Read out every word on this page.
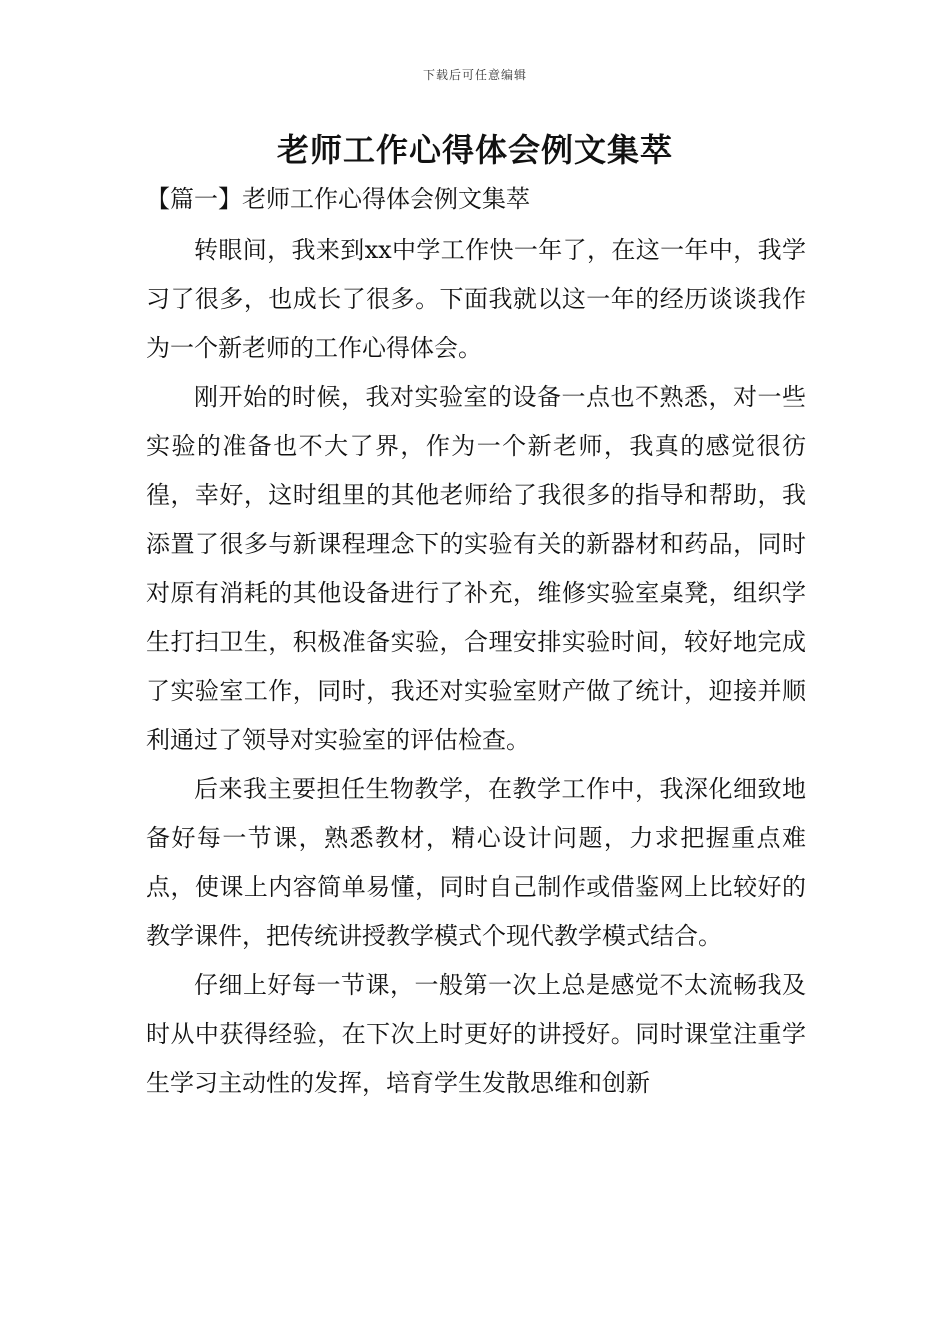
下载后可任意编辑
老师工作心得体会例文集萃
【篇一】老师工作心得体会例文集萃

转眼间，我来到xx中学工作快一年了，在这一年中，我学习了很多，也成长了很多。下面我就以这一年的经历谈谈我作为一个新老师的工作心得体会。

刚开始的时候，我对实验室的设备一点也不熟悉，对一些实验的准备也不大了界，作为一个新老师，我真的感觉很彷徨，幸好，这时组里的其他老师给了我很多的指导和帮助，我添置了很多与新课程理念下的实验有关的新器材和药品，同时对原有消耗的其他设备进行了补充，维修实验室桌凳，组织学生打扫卫生，积极准备实验，合理安排实验时间，较好地完成了实验室工作，同时，我还对实验室财产做了统计，迎接并顺利通过了领导对实验室的评估检查。

后来我主要担任生物教学，在教学工作中，我深化细致地备好每一节课，熟悉教材，精心设计问题，力求把握重点难点，使课上内容简单易懂，同时自己制作或借鉴网上比较好的教学课件，把传统讲授教学模式个现代教学模式结合。

仔细上好每一节课，一般第一次上总是感觉不太流畅我及时从中获得经验，在下次上时更好的讲授好。同时课堂注重学生学习主动性的发挥，培育学生发散思维和创新
